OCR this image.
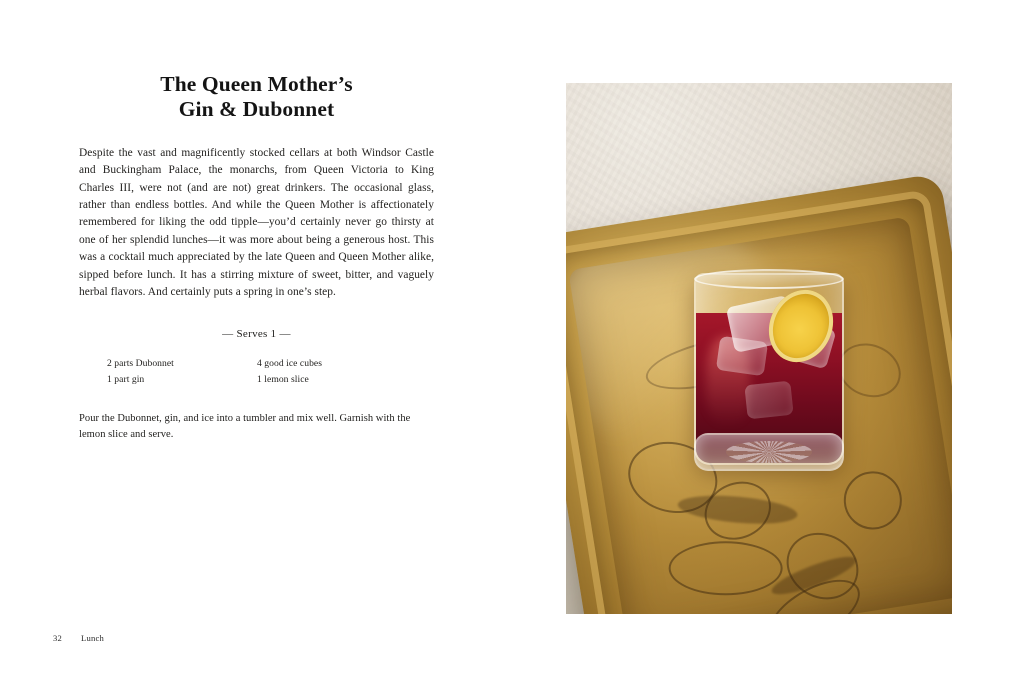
The Queen Mother’s
Gin & Dubonnet

Despite the vast and magnificently stocked cellars at both Windsor Castle and Buckingham Palace, the monarchs, from Queen Victoria to King Charles III, were not (and are not) great drinkers. The occasional glass, rather than endless bottles. And while the Queen Mother is affectionately remembered for liking the odd tipple—you’d certainly never go thirsty at one of her splendid lunches—it was more about being a generous host. This was a cocktail much appreciated by the late Queen and Queen Mother alike, sipped before lunch. It has a stirring mixture of sweet, bitter, and vaguely herbal flavors. And certainly puts a spring in one’s step.

— Serves 1 —
2 parts Dubonnet
1 part gin
4 good ice cubes
1 lemon slice

Pour the Dubonnet, gin, and ice into a tumbler and mix well. Garnish with the lemon slice and serve.

32 Lunch
